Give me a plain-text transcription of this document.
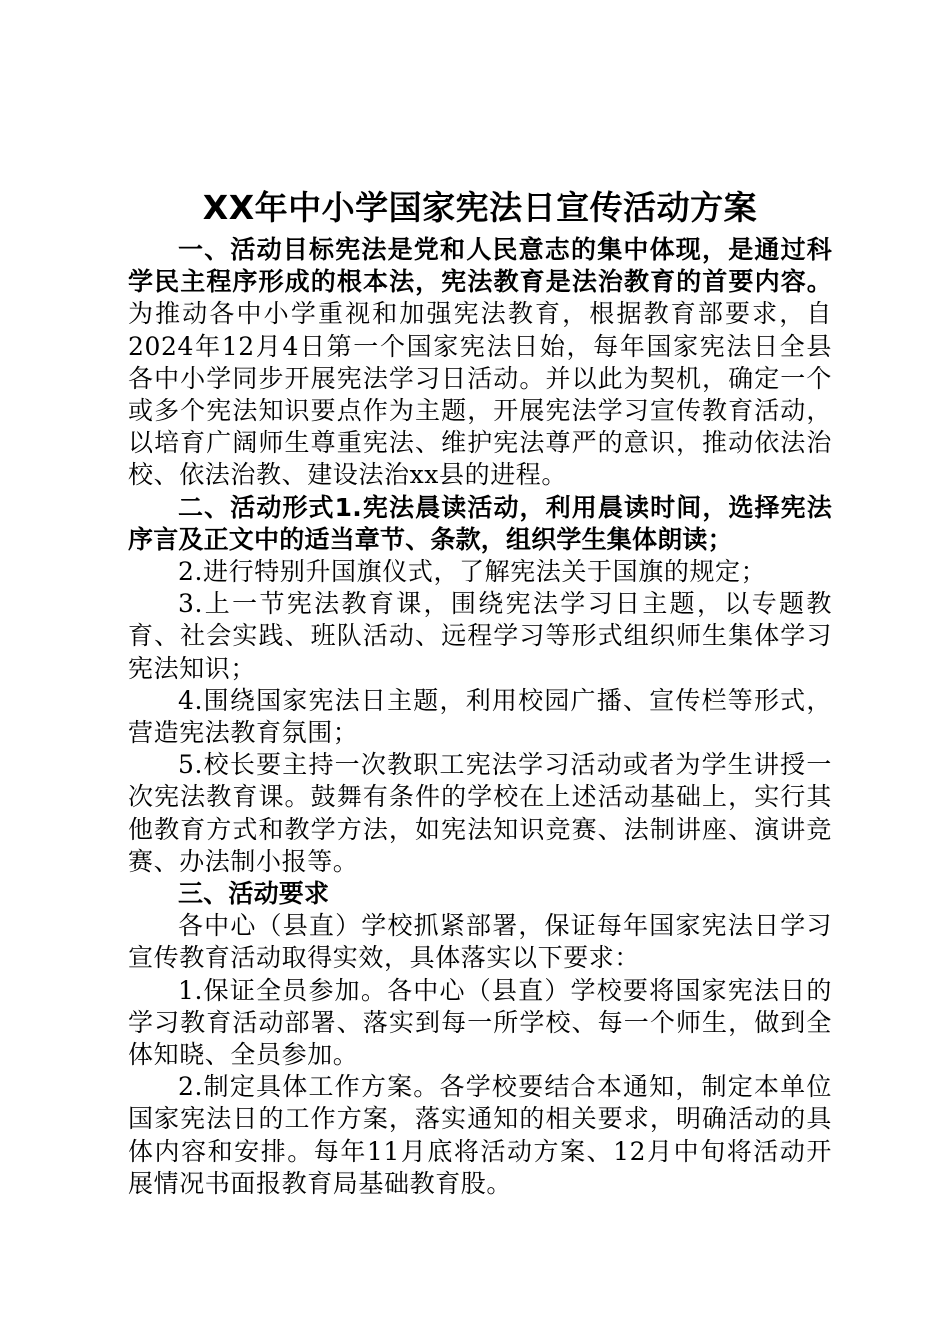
XX年中小学国家宪法日宣传活动方案

一、活动目标宪法是党和人民意志的集中体现，是通过科学民主程序形成的根本法，宪法教育是法治教育的首要内容。为推动各中小学重视和加强宪法教育，根据教育部要求，自2024年12月4日第一个国家宪法日始，每年国家宪法日全县各中小学同步开展宪法学习日活动。并以此为契机，确定一个或多个宪法知识要点作为主题，开展宪法学习宣传教育活动，以培育广阔师生尊重宪法、维护宪法尊严的意识，推动依法治校、依法治教、建设法治xx县的进程。

二、活动形式1.宪法晨读活动，利用晨读时间，选择宪法序言及正文中的适当章节、条款，组织学生集体朗读；

2.进行特别升国旗仪式，了解宪法关于国旗的规定；

3.上一节宪法教育课，围绕宪法学习日主题，以专题教育、社会实践、班队活动、远程学习等形式组织师生集体学习宪法知识；

4.围绕国家宪法日主题，利用校园广播、宣传栏等形式，营造宪法教育氛围；

5.校长要主持一次教职工宪法学习活动或者为学生讲授一次宪法教育课。鼓舞有条件的学校在上述活动基础上，实行其他教育方式和教学方法，如宪法知识竞赛、法制讲座、演讲竞赛、办法制小报等。

三、活动要求

各中心（县直）学校抓紧部署，保证每年国家宪法日学习宣传教育活动取得实效，具体落实以下要求：

1.保证全员参加。各中心（县直）学校要将国家宪法日的学习教育活动部署、落实到每一所学校、每一个师生，做到全体知晓、全员参加。

2.制定具体工作方案。各学校要结合本通知，制定本单位国家宪法日的工作方案，落实通知的相关要求，明确活动的具体内容和安排。每年11月底将活动方案、12月中旬将活动开展情况书面报教育局基础教育股。
